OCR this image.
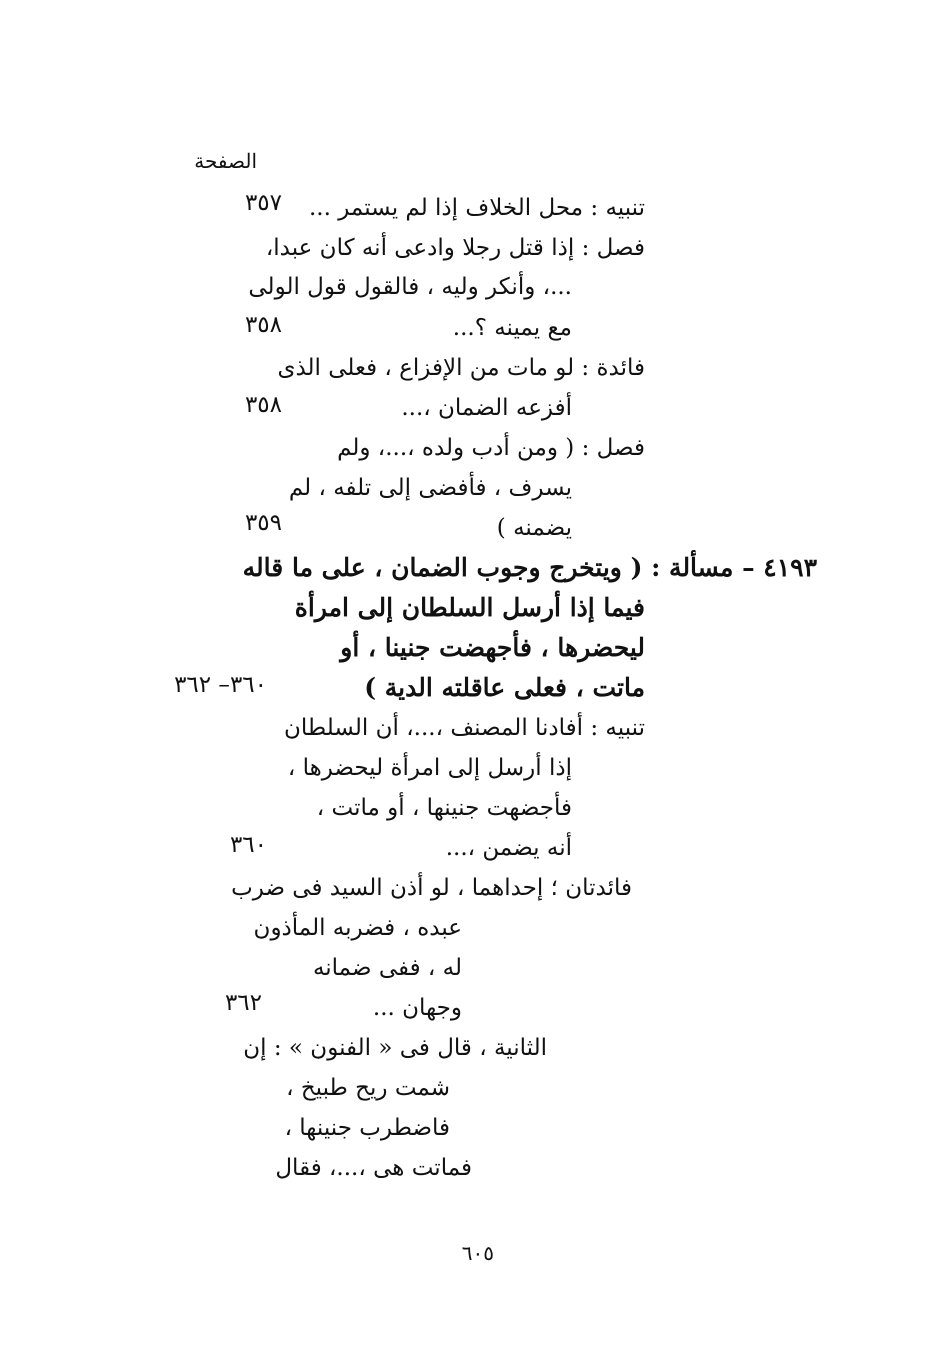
الصفحة
تنبيه : محل الخلاف إذا لم يستمر ...
٣٥٧
فصل : إذا قتل رجلا وادعى أنه كان عبدا،
...، وأنكر وليه ، فالقول قول الولى
مع يمينه ؟...
٣٥٨
فائدة : لو مات من الإفزاع ، فعلى الذى
أفزعه الضمان ،...
٣٥٨
فصل : ( ومن أدب ولده ،...، ولم
يسرف ، فأفضى إلى تلفه ، لم
يضمنه )
٣٥٩
٤١٩٣ – مسألة : ( ويتخرج وجوب الضمان ، على ما قاله
فيما إذا أرسل السلطان إلى امرأة
ليحضرها ، فأجهضت جنينا ، أو
ماتت ، فعلى عاقلته الدية )
٣٦٠– ٣٦٢
تنبيه : أفادنا المصنف ،...، أن السلطان
إذا أرسل إلى امرأة ليحضرها ،
فأجضهت جنينها ، أو ماتت ،
أنه يضمن ،...
٣٦٠
فائدتان ؛ إحداهما ، لو أذن السيد فى ضرب
عبده ، فضربه المأذون
له ، ففى ضمانه
وجهان ...
٣٦٢
الثانية ، قال فى « الفنون » : إن
شمت ريح طبيخ ،
فاضطرب جنينها ،
فماتت هى ،...، فقال
٦٠٥
